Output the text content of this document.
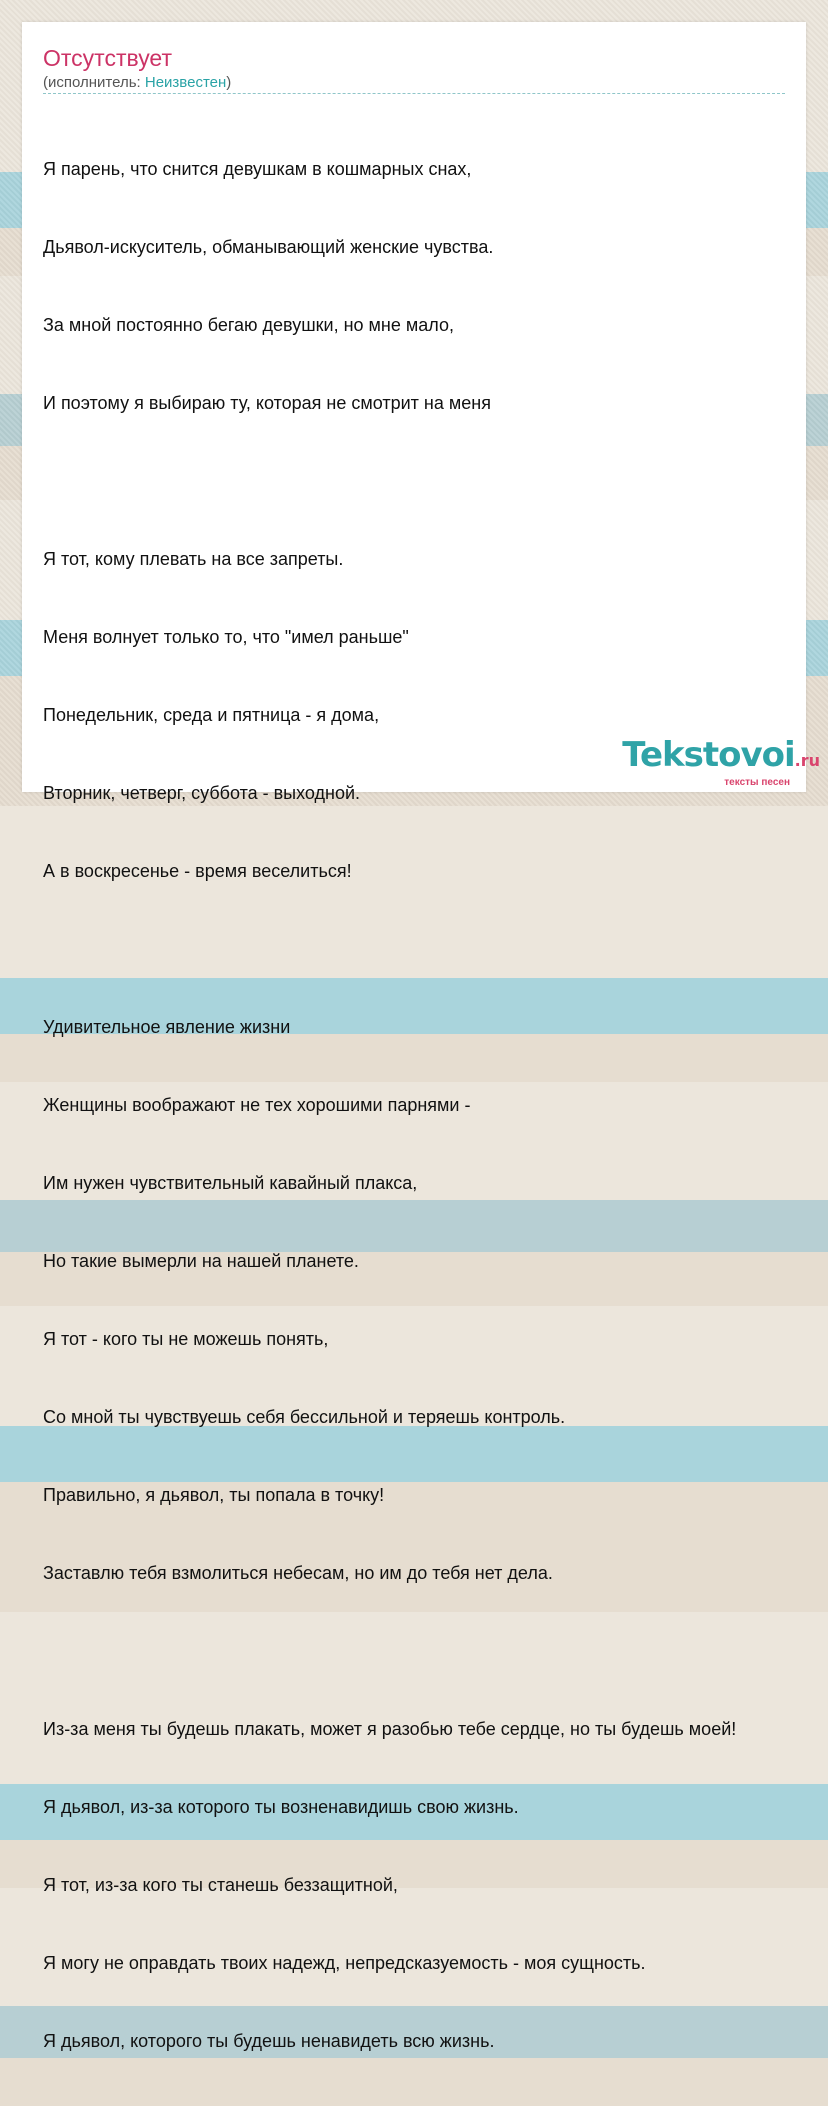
Отсутствует
(исполнитель: Неизвестен)

Я парень, что снится девушкам в кошмарных снах,

Дьявол-искуситель, обманывающий женские чувства.

За мной постоянно бегаю девушки, но мне мало,

И поэтому я выбираю ту, которая не смотрит на меня

Я тот, кому плевать на все запреты.

Меня волнует только то, что "имел раньше"

Понедельник, среда и пятница - я дома,

Вторник, четверг, суббота - выходной.

А в воскресенье - время веселиться!

Удивительное явление жизни

Женщины воображают не тех хорошими парнями -

Им нужен чувствительный кавайный плакса,

Но такие вымерли на нашей планете.

Я тот - кого ты не можешь понять,

Со мной ты чувствуешь себя бессильной и теряешь контроль.

Правильно, я дьявол, ты попала в точку!

Заставлю тебя взмолиться небесам, но им до тебя нет дела.

Из-за меня ты будешь плакать, может я разобью тебе сердце, но ты будешь моей!

Я дьявол, из-за которого ты возненавидишь свою жизнь.

Я тот, из-за кого ты станешь беззащитной,

Я могу не оправдать твоих надежд, непредсказуемость - моя сущность.

Я дьявол, которого ты будешь ненавидеть всю жизнь.

Tekstovoi.ru
тексты песен
